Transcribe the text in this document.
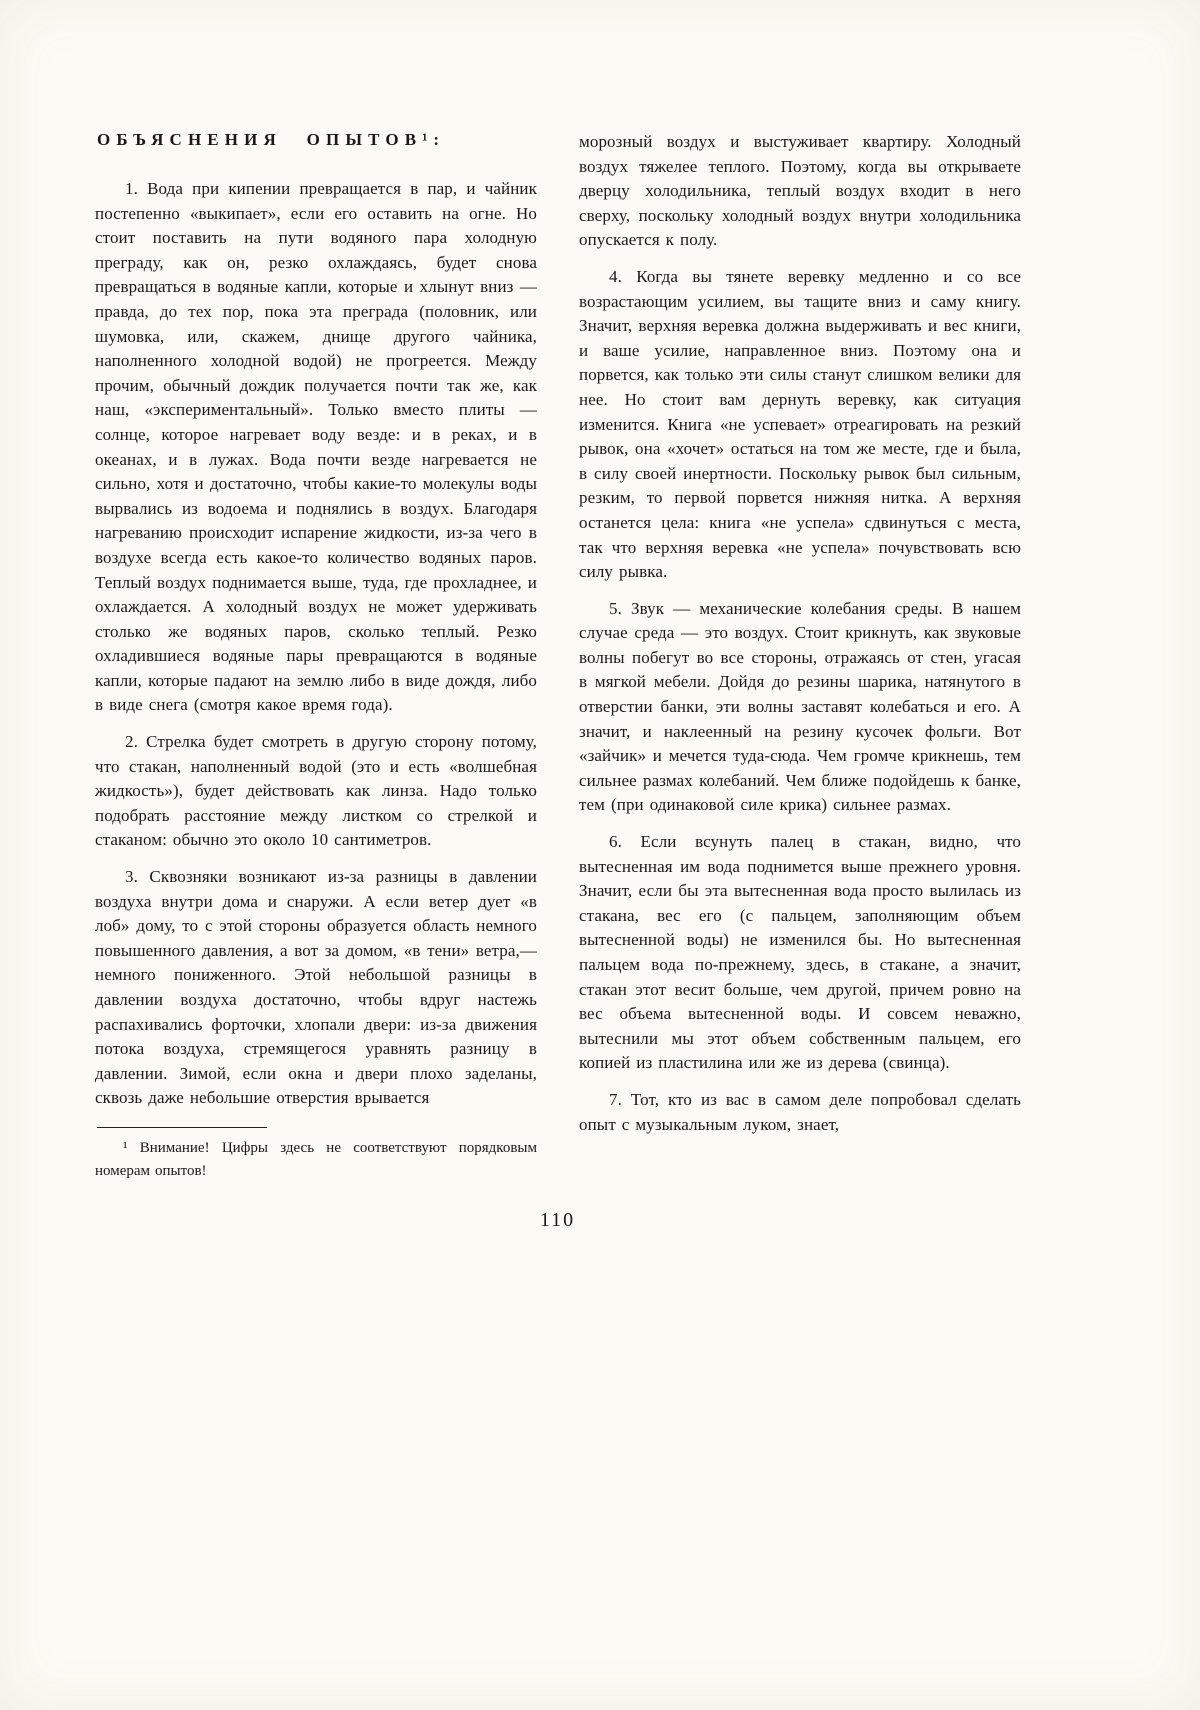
ОБЪЯСНЕНИЯ ОПЫТОВ¹:

1. Вода при кипении превращается в пар, и чайник постепенно «выкипает», если его оставить на огне. Но стоит поставить на пути водяного пара холодную преграду, как он, резко охлаждаясь, будет снова превращаться в водяные капли, которые и хлынут вниз — правда, до тех пор, пока эта преграда (половник, или шумовка, или, скажем, днище другого чайника, наполненного холодной водой) не прогреется. Между прочим, обычный дождик получается почти так же, как наш, «экспериментальный». Только вместо плиты — солнце, которое нагревает воду везде: и в реках, и в океанах, и в лужах. Вода почти везде нагревается не сильно, хотя и достаточно, чтобы какие-то молекулы воды вырвались из водоема и поднялись в воздух. Благодаря нагреванию происходит испарение жидкости, из-за чего в воздухе всегда есть какое-то количество водяных паров. Теплый воздух поднимается выше, туда, где прохладнее, и охлаждается. А холодный воздух не может удерживать столько же водяных паров, сколько теплый. Резко охладившиеся водяные пары превращаются в водяные капли, которые падают на землю либо в виде дождя, либо в виде снега (смотря какое время года).

2. Стрелка будет смотреть в другую сторону потому, что стакан, наполненный водой (это и есть «волшебная жидкость»), будет действовать как линза. Надо только подобрать расстояние между листком со стрелкой и стаканом: обычно это около 10 сантиметров.

3. Сквозняки возникают из-за разницы в давлении воздуха внутри дома и снаружи. А если ветер дует «в лоб» дому, то с этой стороны образуется область немного повышенного давления, а вот за домом, «в тени» ветра,— немного пониженного. Этой небольшой разницы в давлении воздуха достаточно, чтобы вдруг настежь распахивались форточки, хлопали двери: из-за движения потока воздуха, стремящегося уравнять разницу в давлении. Зимой, если окна и двери плохо заделаны, сквозь даже небольшие отверстия врывается

¹ Внимание! Цифры здесь не соответствуют порядковым номерам опытов!

морозный воздух и выстуживает квартиру. Холодный воздух тяжелее теплого. Поэтому, когда вы открываете дверцу холодильника, теплый воздух входит в него сверху, поскольку холодный воздух внутри холодильника опускается к полу.

4. Когда вы тянете веревку медленно и со все возрастающим усилием, вы тащите вниз и саму книгу. Значит, верхняя веревка должна выдерживать и вес книги, и ваше усилие, направленное вниз. Поэтому она и порвется, как только эти силы станут слишком велики для нее. Но стоит вам дернуть веревку, как ситуация изменится. Книга «не успевает» отреагировать на резкий рывок, она «хочет» остаться на том же месте, где и была, в силу своей инертности. Поскольку рывок был сильным, резким, то первой порвется нижняя нитка. А верхняя останется цела: книга «не успела» сдвинуться с места, так что верхняя веревка «не успела» почувствовать всю силу рывка.

5. Звук — механические колебания среды. В нашем случае среда — это воздух. Стоит крикнуть, как звуковые волны побегут во все стороны, отражаясь от стен, угасая в мягкой мебели. Дойдя до резины шарика, натянутого в отверстии банки, эти волны заставят колебаться и его. А значит, и наклеенный на резину кусочек фольги. Вот «зайчик» и мечется туда-сюда. Чем громче крикнешь, тем сильнее размах колебаний. Чем ближе подойдешь к банке, тем (при одинаковой силе крика) сильнее размах.

6. Если всунуть палец в стакан, видно, что вытесненная им вода поднимется выше прежнего уровня. Значит, если бы эта вытесненная вода просто вылилась из стакана, вес его (с пальцем, заполняющим объем вытесненной воды) не изменился бы. Но вытесненная пальцем вода по-прежнему, здесь, в стакане, а значит, стакан этот весит больше, чем другой, причем ровно на вес объема вытесненной воды. И совсем неважно, вытеснили мы этот объем собственным пальцем, его копией из пластилина или же из дерева (свинца).

7. Тот, кто из вас в самом деле попробовал сделать опыт с музыкальным луком, знает,

110
